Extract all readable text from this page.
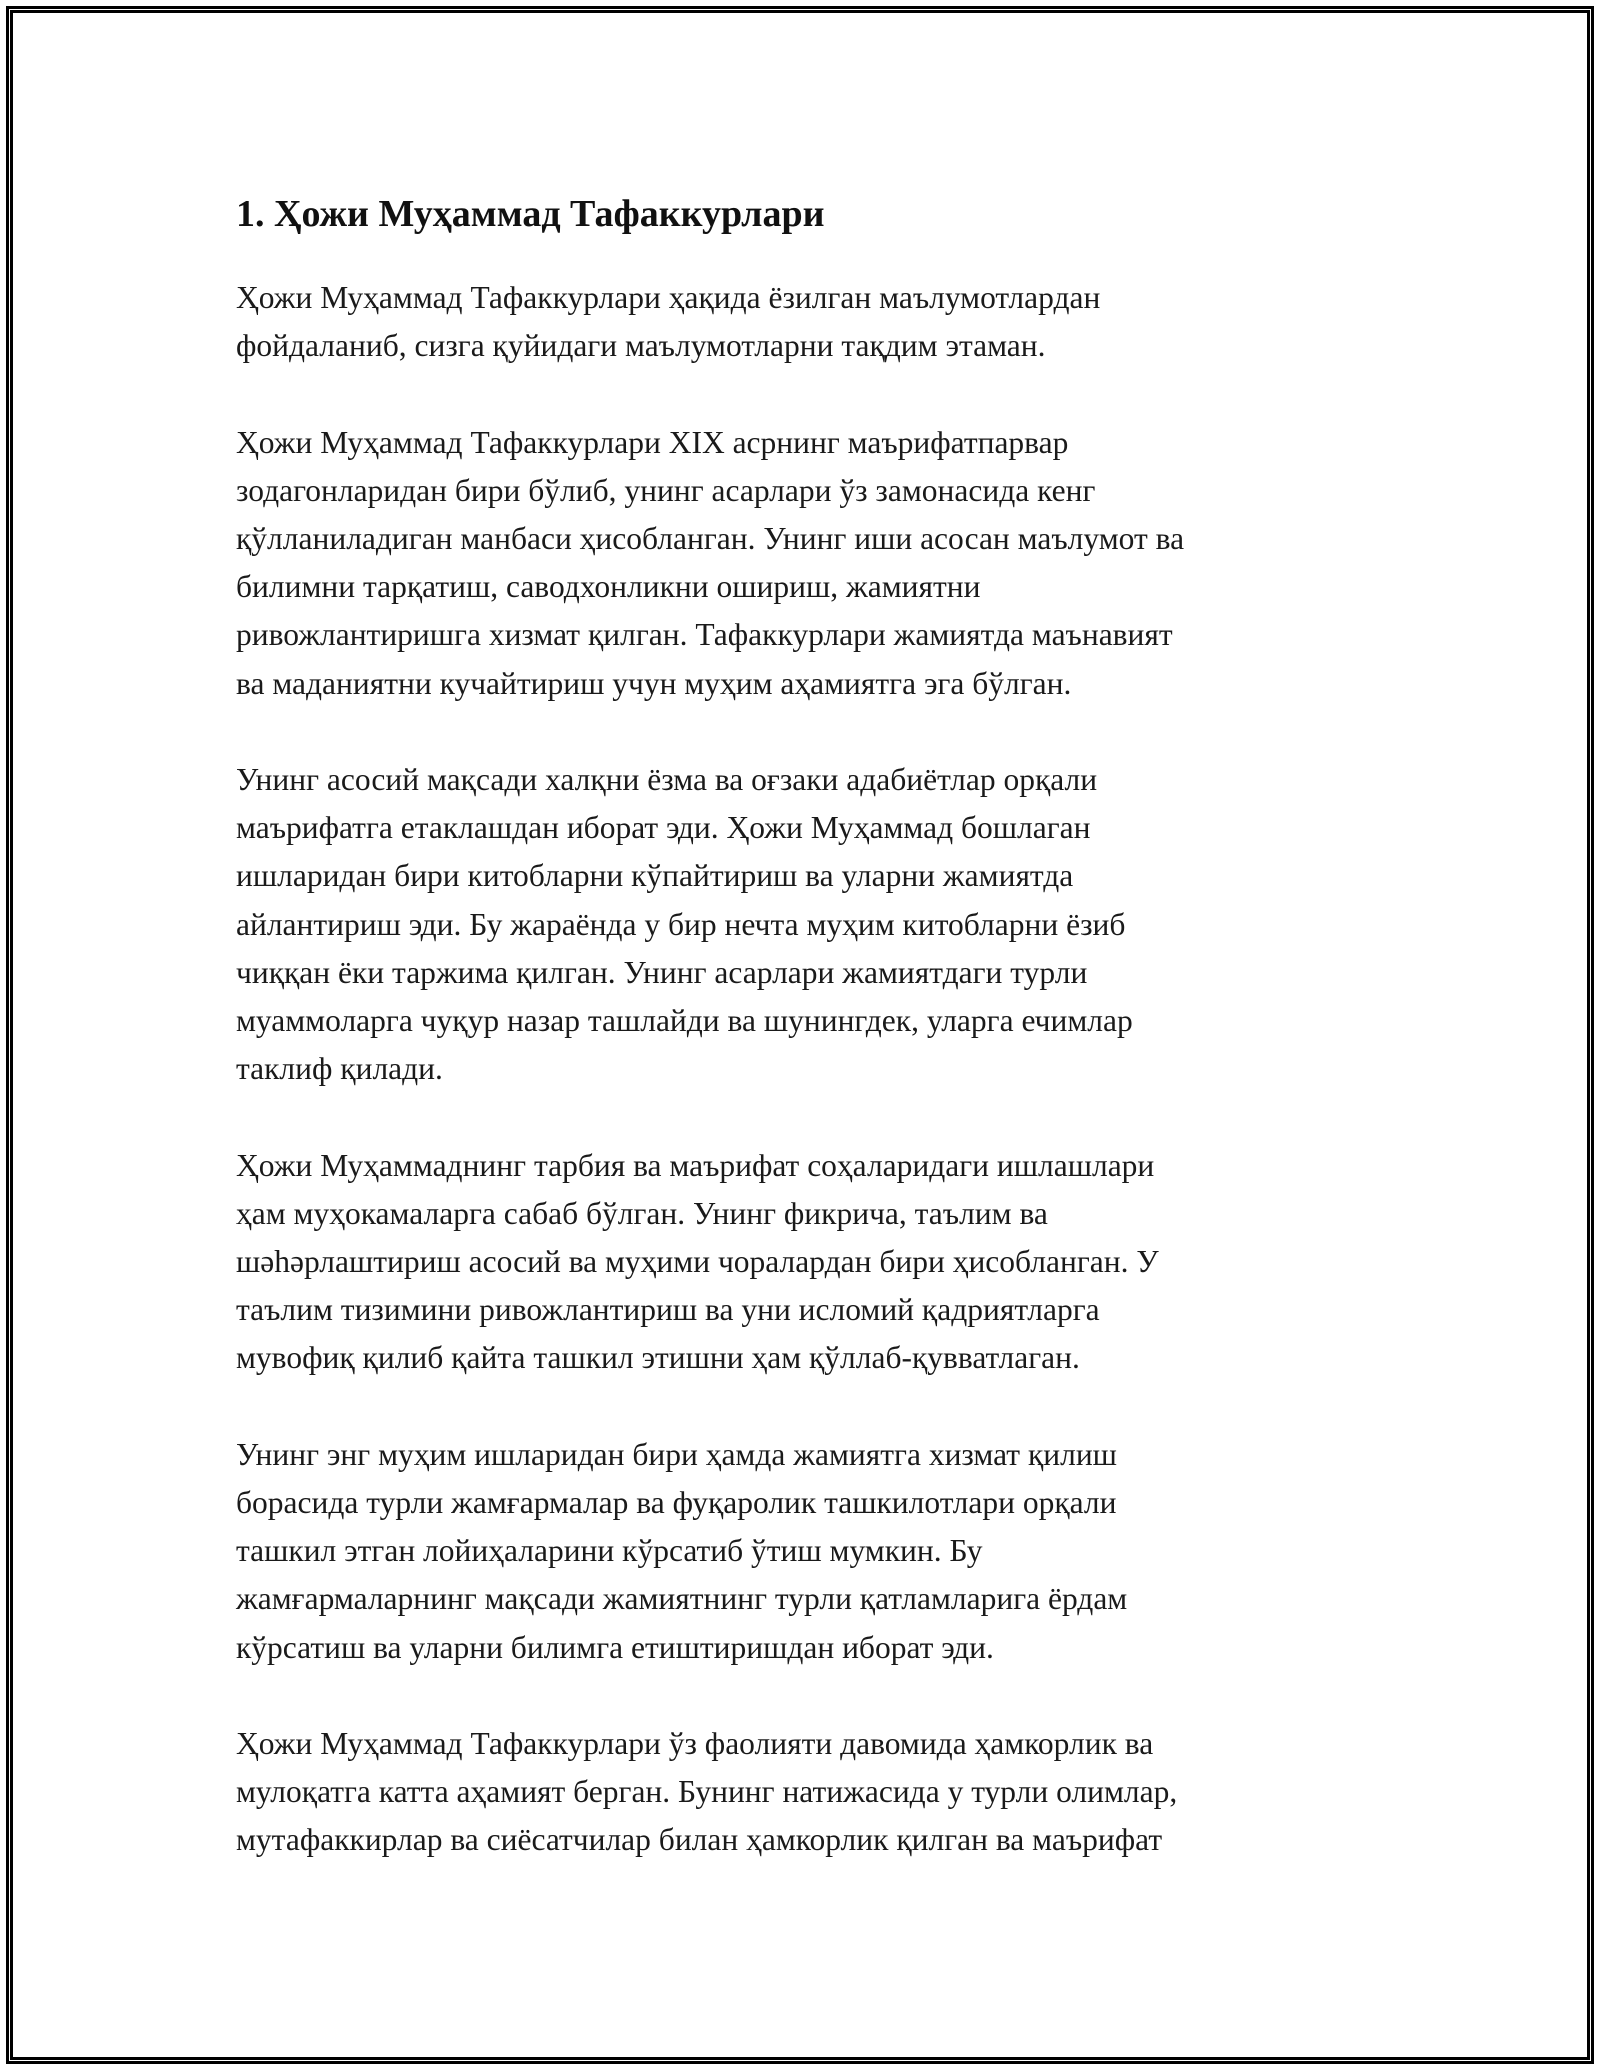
1. Ҳожи Муҳаммад Тафаккурлари
Ҳожи Муҳаммад Тафаккурлари ҳақида ёзилган маълумотлардан
фойдаланиб, сизга қуйидаги маълумотларни тақдим этаман.
Ҳожи Муҳаммад Тафаккурлари XIX асрнинг маърифатпарвар
зодагонларидан бири бўлиб, унинг асарлари ўз замонасида кенг
қўлланиладиган манбаси ҳисобланган. Унинг иши асосан маълумот ва
билимни тарқатиш, саводхонликни ошириш, жамиятни
ривожлантиришга хизмат қилган. Тафаккурлари жамиятда маънавият
ва маданиятни кучайтириш учун муҳим аҳамиятга эга бўлган.
Унинг асосий мақсади халқни ёзма ва оғзаки адабиётлар орқали
маърифатга етаклашдан иборат эди. Ҳожи Муҳаммад бошлаган
ишларидан бири китобларни кўпайтириш ва уларни жамиятда
айлантириш эди. Бу жараёнда у бир нечта муҳим китобларни ёзиб
чиққан ёки таржима қилган. Унинг асарлари жамиятдаги турли
муаммоларга чуқур назар ташлайди ва шунингдек, уларга ечимлар
таклиф қилади.
Ҳожи Муҳаммаднинг тарбия ва маърифат соҳаларидаги ишлашлари
ҳам муҳокамаларга сабаб бўлган. Унинг фикрича, таълим ва
шәһәрлаштириш асосий ва муҳими чоралардан бири ҳисобланган. У
таълим тизимини ривожлантириш ва уни исломий қадриятларга
мувофиқ қилиб қайта ташкил этишни ҳам қўллаб-қувватлаган.
Унинг энг муҳим ишларидан бири ҳамда жамиятга хизмат қилиш
борасида турли жамғармалар ва фуқаролик ташкилотлари орқали
ташкил этган лойиҳаларини кўрсатиб ўтиш мумкин. Бу
жамғармаларнинг мақсади жамиятнинг турли қатламларига ёрдам
кўрсатиш ва уларни билимга етиштиришдан иборат эди.
Ҳожи Муҳаммад Тафаккурлари ўз фаолияти давомида ҳамкорлик ва
мулоқатга катта аҳамият берган. Бунинг натижасида у турли олимлар,
мутафаккирлар ва сиёсатчилар билан ҳамкорлик қилган ва маърифат
